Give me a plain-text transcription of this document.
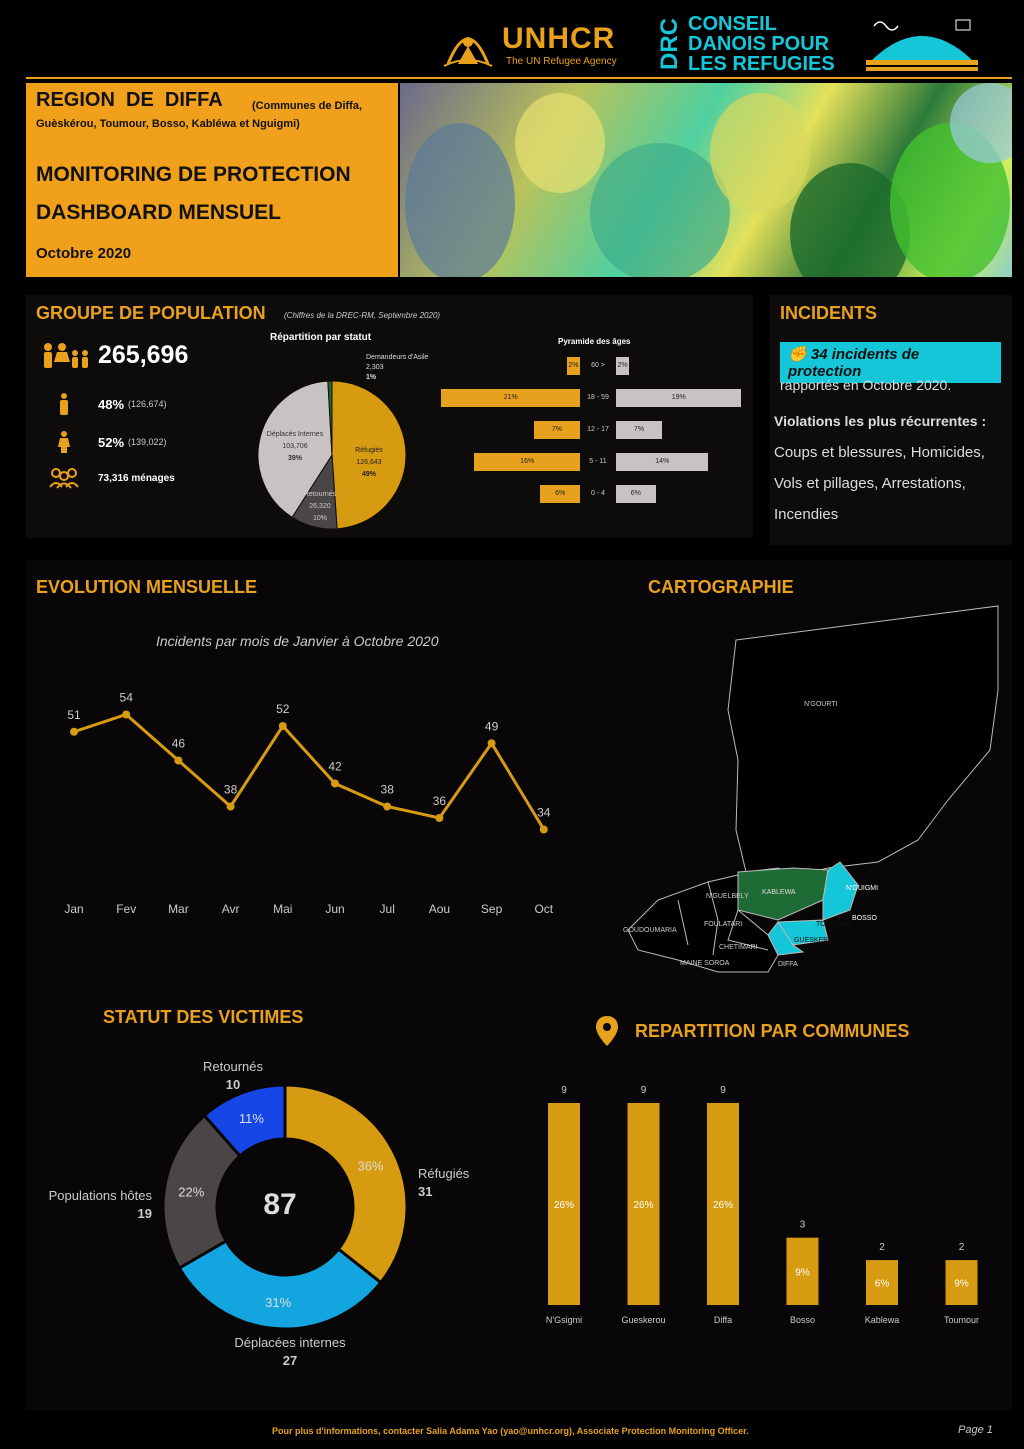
UNHCR
The UN Refugee Agency DRC CONSEIL
DANOIS POUR
LES REFUGIES
REGION  DE  DIFFA	(Communes de Diffa, Guèskérou, Toumour, Bosso, Kabléwa et Nguigmi)
MONITORING DE PROTECTION
DASHBOARD MENSUEL
Octobre 2020
GROUPE DE POPULATION (Chiffres de la DREC-RM, Septembre 2020)
265,696
48% (126,674)
52% (139,022)
73,316 ménages
Répartition par statut
Demandeurs d'Asile
2,303
1%
Réfugiés
126,643
49%
Déplacés Internes
103,706
39%
Retournés
26,320
10%
Pyramide des âges
2%	60 >	2%
21%	18 - 59	19%
7%	12 - 17	7%
16%	5 - 11	14%
6%	0 - 4	6%
INCIDENTS
✊ 34 incidents de protection
rapportés en Octobre 2020.
Violations les plus récurrentes :
Coups et blessures, Homicides, Vols et pillages, Arrestations, Incendies
EVOLUTION MENSUELLE
Incidents par mois de Janvier à Octobre 2020
51
Jan
54
Fev
46
Mar
38
Avr
52
Mai
42
Jun
38
Jul
36
Aou
49
Sep
34
Oct
CARTOGRAPHIE
N'GOURTI
N'GUIGMI
KABLEWA
BOSSO
N'GUELBELY
FOULATARI	TOUMOUR
GUESKEROU
GOUDOUMARIA
CHETIMARI
MAINE SOROA	DIFFA
STATUT DES VICTIMES
36%
31%
22%
11%
87
Retournés
10
Réfugiés
31
Populations hôtes
19
Déplacées internes
27
REPARTITION PAR COMMUNES
9
26%
N'Gsigmi
9
26%
Gueskerou
9
26%
Diffa
3
9%
Bosso
2
6%
Kablewa
2
9%
Toumour
Pour plus d'informations, contacter Salia Adama Yao (yao@unhcr.org), Associate Protection Monitoring Officer.	Page 1
